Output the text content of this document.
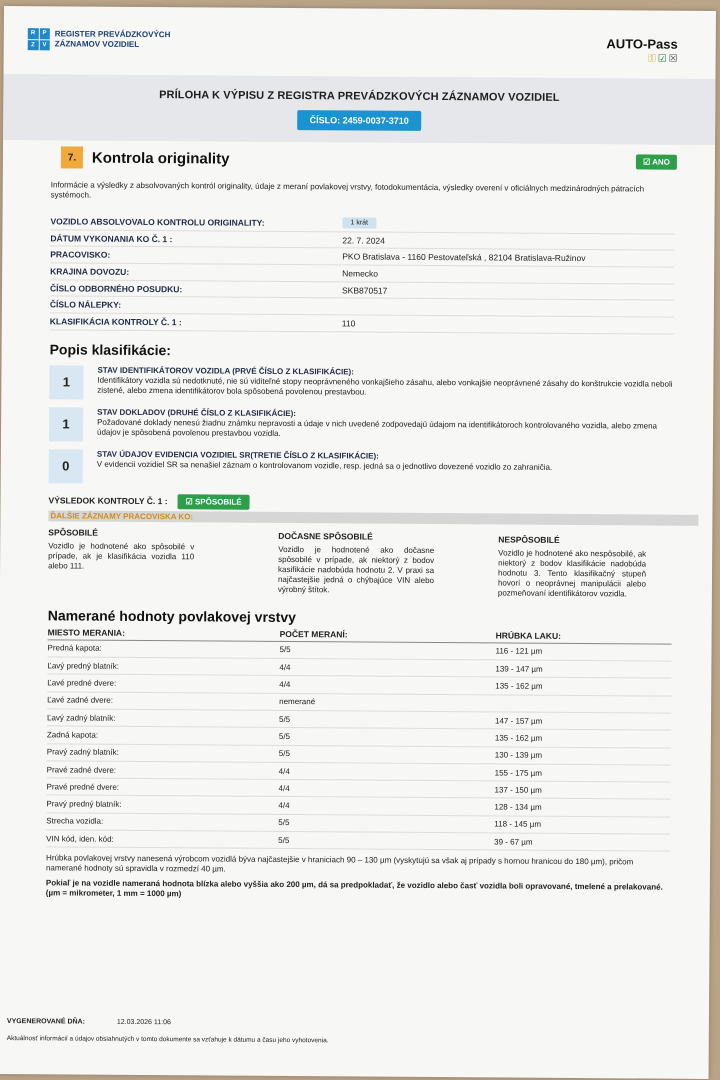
R	P
Z	V
REGISTER PREVÁDZKOVÝCH
ZÁZNAMOV VOZIDIEL	AUTO-Pass
⚿ ☑ ☒
PRÍLOHA K VÝPISU Z REGISTRA PREVÁDZKOVÝCH ZÁZNAMOV VOZIDIEL
ČÍSLO: 2459-0037-3710
7.	Kontrola originality	☑ ANO
Informácie a výsledky z absolvovaných kontról originality, údaje z meraní povlakovej vrstvy, fotodokumentácia, výsledky overení v oficiálnych medzinárodných pátracích systémoch.
VOZIDLO ABSOLVOVALO KONTROLU ORIGINALITY:	1 krát
DÁTUM VYKONANIA KO Č. 1 :	22. 7. 2024
PRACOVISKO:	PKO Bratislava - 1160 Pestovateľská , 82104 Bratislava-Ružinov
KRAJINA DOVOZU:	Nemecko
ČÍSLO ODBORNÉHO POSUDKU:	SKB870517
ČÍSLO NÁLEPKY:
KLASIFIKÁCIA KONTROLY Č. 1 :	110
Popis klasifikácie:
1
STAV IDENTIFIKÁTOROV VOZIDLA (PRVÉ ČÍSLO Z KLASIFIKÁCIE):
Identifikátory vozidla sú nedotknuté, nie sú viditeľné stopy neoprávneného vonkajšieho zásahu, alebo vonkajšie neoprávnené zásahy do konštrukcie vozidla neboli zistené, alebo zmena identifikátorov bola spôsobená povolenou prestavbou.
1
STAV DOKLADOV (DRUHÉ ČÍSLO Z KLASIFIKÁCIE):
Požadované doklady nenesú žiadnu známku nepravosti a údaje v nich uvedené zodpovedajú údajom na identifikátoroch kontrolovaného vozidla, alebo zmena údajov je spôsobená povolenou prestavbou vozidla.
0
STAV ÚDAJOV EVIDENCIA VOZIDIEL SR(TRETIE ČÍSLO Z KLASIFIKÁCIE):
V evidencii vozidiel SR sa nenašiel záznam o kontrolovanom vozidle, resp. jedná sa o jednotlivo dovezené vozidlo zo zahraničia.
VÝSLEDOK KONTROLY Č. 1 :	☑ SPÔSOBILÉ
ĎALŠIE ZÁZNAMY PRACOVISKA KO:
SPÔSOBILÉ
Vozidlo je hodnotené ako spôsobilé v prípade, ak je klasifikácia vozidla 110 alebo 111.
DOČASNE SPÔSOBILÉ
Vozidlo je hodnotené ako dočasne spôsobilé v prípade, ak niektorý z bodov kasifikácie nadobúda hodnotu 2. V praxi sa najčastejšie jedná o chýbajúce VIN alebo výrobný štítok.
NESPÔSOBILÉ
Vozidlo je hodnotené ako nespôsobilé, ak niektorý z bodov klasifikácie nadobúda hodnotu 3. Tento klasifikačný stupeň hovorí o neoprávnej manipulácii alebo pozmeňovaní identifikátorov vozidla.
Namerané hodnoty povlakovej vrstvy
MIESTO MERANIA:	POČET MERANÍ:	HRÚBKA LAKU:
Predná kapota:	5/5	116 - 121 µm
Ľavý predný blatník:	4/4	139 - 147 µm
Ľavé predné dvere:	4/4	135 - 162 µm
Ľavé zadné dvere:	nemerané
Ľavý zadný blatník:	5/5	147 - 157 µm
Zadná kapota:	5/5	135 - 162 µm
Pravý zadný blatník:	5/5	130 - 139 µm
Pravé zadné dvere:	4/4	155 - 175 µm
Pravé predné dvere:	4/4	137 - 150 µm
Pravý predný blatník:	4/4	128 - 134 µm
Strecha vozidla:	5/5	118 - 145 µm
VIN kód, iden. kód:	5/5	39 - 67 µm
Hrúbka povlakovej vrstvy nanesená výrobcom vozidlá býva najčastejšie v hraniciach 90 – 130 µm (vyskytujú sa však aj prípady s hornou hranicou do 180 µm), pričom namerané hodnoty sú spravidla v rozmedzí 40 µm.
Pokiaľ je na vozidle nameraná hodnota blízka alebo vyššia ako 200 µm, dá sa predpokladať, že vozidlo alebo časť vozidla boli opravované, tmelené a prelakované. (µm = mikrometer, 1 mm = 1000 µm)
VYGENEROVANÉ DŇA:	12.03.2026 11:06
Aktuálnosť informácií a údajov obsiahnutých v tomto dokumente sa vzťahuje k dátumu a času jeho vyhotovenia.
